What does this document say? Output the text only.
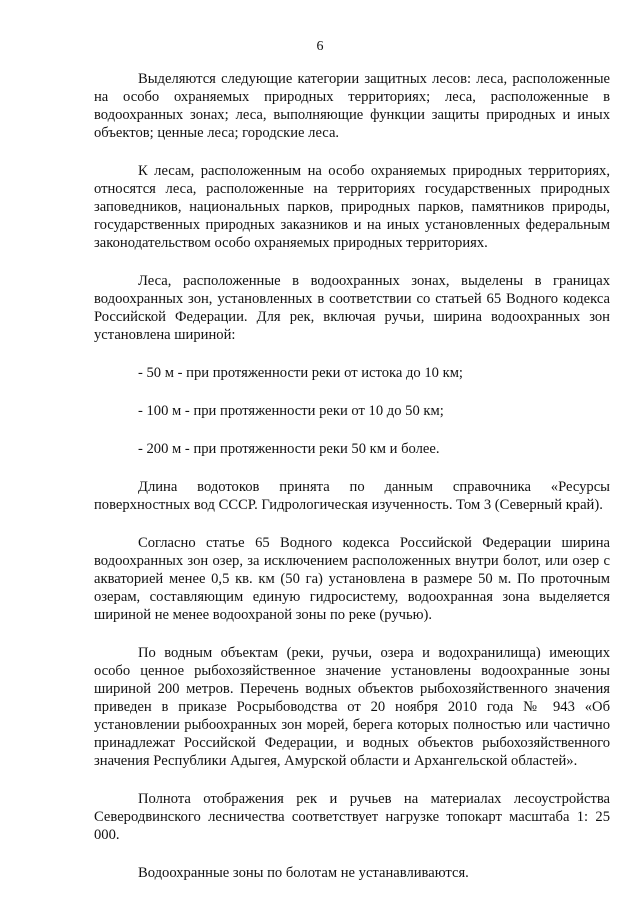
6

Выделяются следующие категории защитных лесов: леса, расположенные на особо охраняемых природных территориях; леса, расположенные в водоохранных зонах; леса, выполняющие функции защиты природных и иных объектов; ценные леса; городские леса.

К лесам, расположенным на особо охраняемых природных территориях, относятся леса, расположенные на территориях государственных природных заповедников, национальных парков, природных парков, памятников природы, государственных природных заказников и на иных установленных федеральным законодательством особо охраняемых природных территориях.

Леса, расположенные в водоохранных зонах, выделены в границах водоохранных зон, установленных в соответствии со статьей 65 Водного кодекса Российской Федерации. Для рек, включая ручьи, ширина водоохранных зон установлена шириной:

- 50 м - при протяженности реки от истока до 10 км;

- 100 м - при протяженности реки от 10 до 50 км;

- 200 м - при протяженности реки 50 км и более.

Длина водотоков принята по данным справочника «Ресурсы поверхностных вод СССР. Гидрологическая изученность. Том 3 (Северный край).

Согласно статье 65 Водного кодекса Российской Федерации ширина водоохранных зон озер, за исключением расположенных внутри болот, или озер с акваторией менее 0,5 кв. км (50 га) установлена в размере 50 м. По проточным озерам, составляющим единую гидросистему, водоохранная зона выделяется шириной не менее водоохраной зоны по реке (ручью).

По водным объектам (реки, ручьи, озера и водохранилища) имеющих особо ценное рыбохозяйственное значение установлены водоохранные зоны шириной 200 метров. Перечень водных объектов рыбохозяйственного значения приведен в приказе Росрыбоводства от 20 ноября 2010 года № 943 «Об установлении рыбоохранных зон морей, берега которых полностью или частично принадлежат Российской Федерации, и водных объектов рыбохозяйственного значения Республики Адыгея, Амурской области и Архангельской областей».

Полнота отображения рек и ручьев на материалах лесоустройства Северодвинского лесничества соответствует нагрузке топокарт масштаба 1: 25 000.

Водоохранные зоны по болотам не устанавливаются.
